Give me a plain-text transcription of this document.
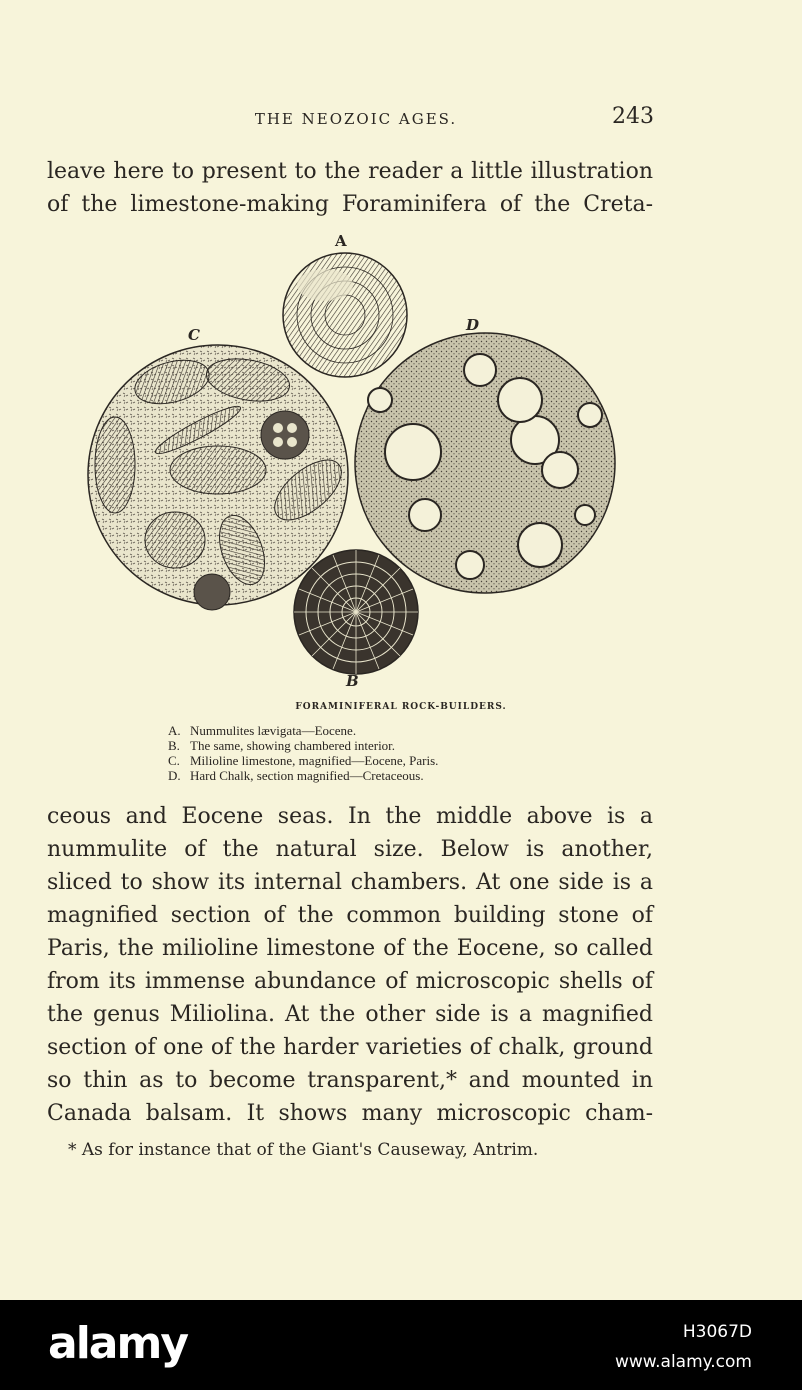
THE NEOZOIC AGES.	243
leave here to present to the reader a little illustration
of the limestone-making Foraminifera of the Creta-
A
C
D
B
FORAMINIFERAL ROCK-BUILDERS.
A. Nummulites lævigata—Eocene.
B. The same, showing chambered interior.
C. Milioline limestone, magnified—Eocene, Paris.
D. Hard Chalk, section magnified—Cretaceous.
ceous and Eocene seas. In the middle above is a
nummulite of the natural size. Below is another,
sliced to show its internal chambers. At one side is a
magnified section of the common building stone of
Paris, the milioline limestone of the Eocene, so called
from its immense abundance of microscopic shells of
the genus Miliolina. At the other side is a magnified
section of one of the harder varieties of chalk, ground
so thin as to become transparent,* and mounted in
Canada balsam. It shows many microscopic cham-
* As for instance that of the Giant's Causeway, Antrim.
alamy	H3067D
www.alamy.com
